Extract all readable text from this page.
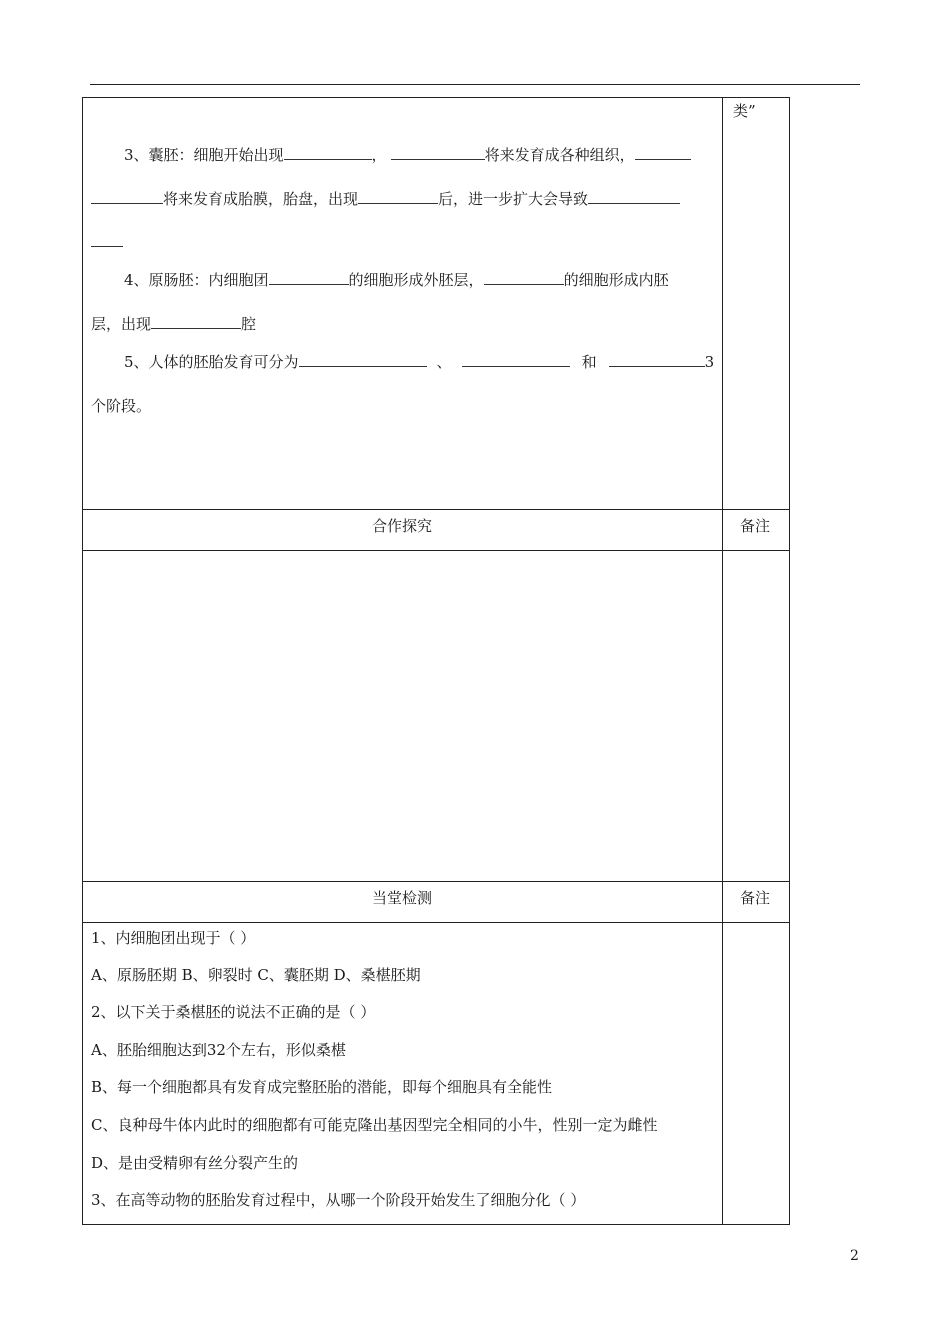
类”
3、囊胚：细胞开始出现	，	将来发育成各种组织，
将来发育成胎膜，胎盘，出现	后，进一步扩大会导致
4、原肠胚：内细胞团	的细胞形成外胚层，	的细胞形成内胚
层，出现	腔
5、人体的胚胎发育可分为	、	和	3
个阶段。
合作探究	备注
当堂检测	备注
1、内细胞团出现于（ ）
A、原肠胚期 B、卵裂时 C、囊胚期 D、桑椹胚期
2、以下关于桑椹胚的说法不正确的是（ ）
A、胚胎细胞达到32个左右，形似桑椹
B、每一个细胞都具有发育成完整胚胎的潜能，即每个细胞具有全能性
C、良种母牛体内此时的细胞都有可能克隆出基因型完全相同的小牛，性别一定为雌性
D、是由受精卵有丝分裂产生的
3、在高等动物的胚胎发育过程中，从哪一个阶段开始发生了细胞分化（ ）
2
